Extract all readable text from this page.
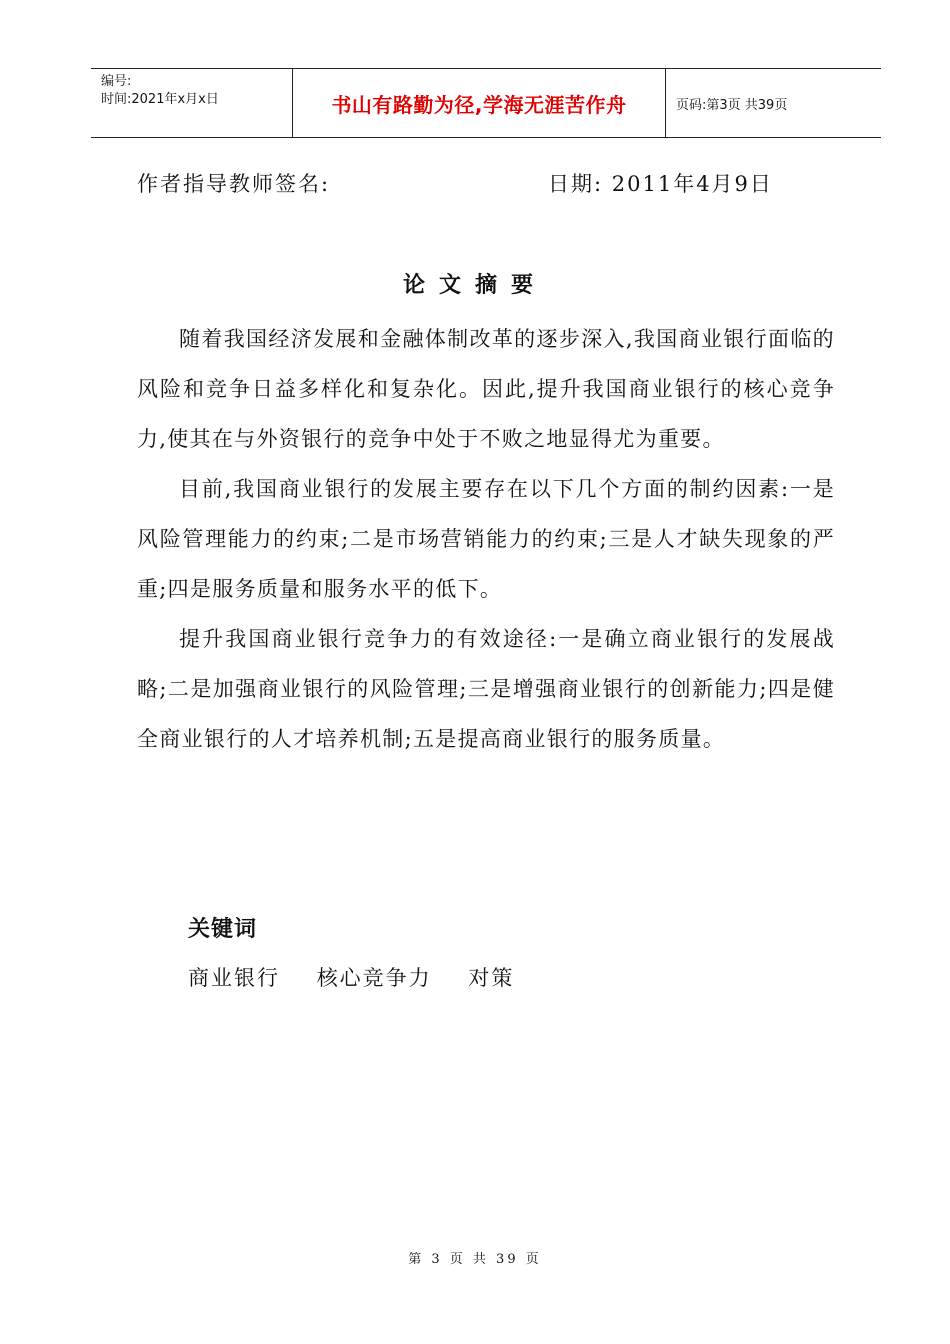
编号:
时间:2021年x月x日	书山有路勤为径,学海无涯苦作舟	页码:第3页 共39页
作者指导教师签名:	日期: 2011年4月9日
论文摘要

随着我国经济发展和金融体制改革的逐步深入,我国商业银行面临的风险和竞争日益多样化和复杂化。因此,提升我国商业银行的核心竞争力,使其在与外资银行的竞争中处于不败之地显得尤为重要。

目前,我国商业银行的发展主要存在以下几个方面的制约因素:一是风险管理能力的约束;二是市场营销能力的约束;三是人才缺失现象的严重;四是服务质量和服务水平的低下。

提升我国商业银行竞争力的有效途径:一是确立商业银行的发展战略;二是加强商业银行的风险管理;三是增强商业银行的创新能力;四是健全商业银行的人才培养机制;五是提高商业银行的服务质量。

关键词
商业银行 核心竞争力 对策
第 3 页 共 39 页
